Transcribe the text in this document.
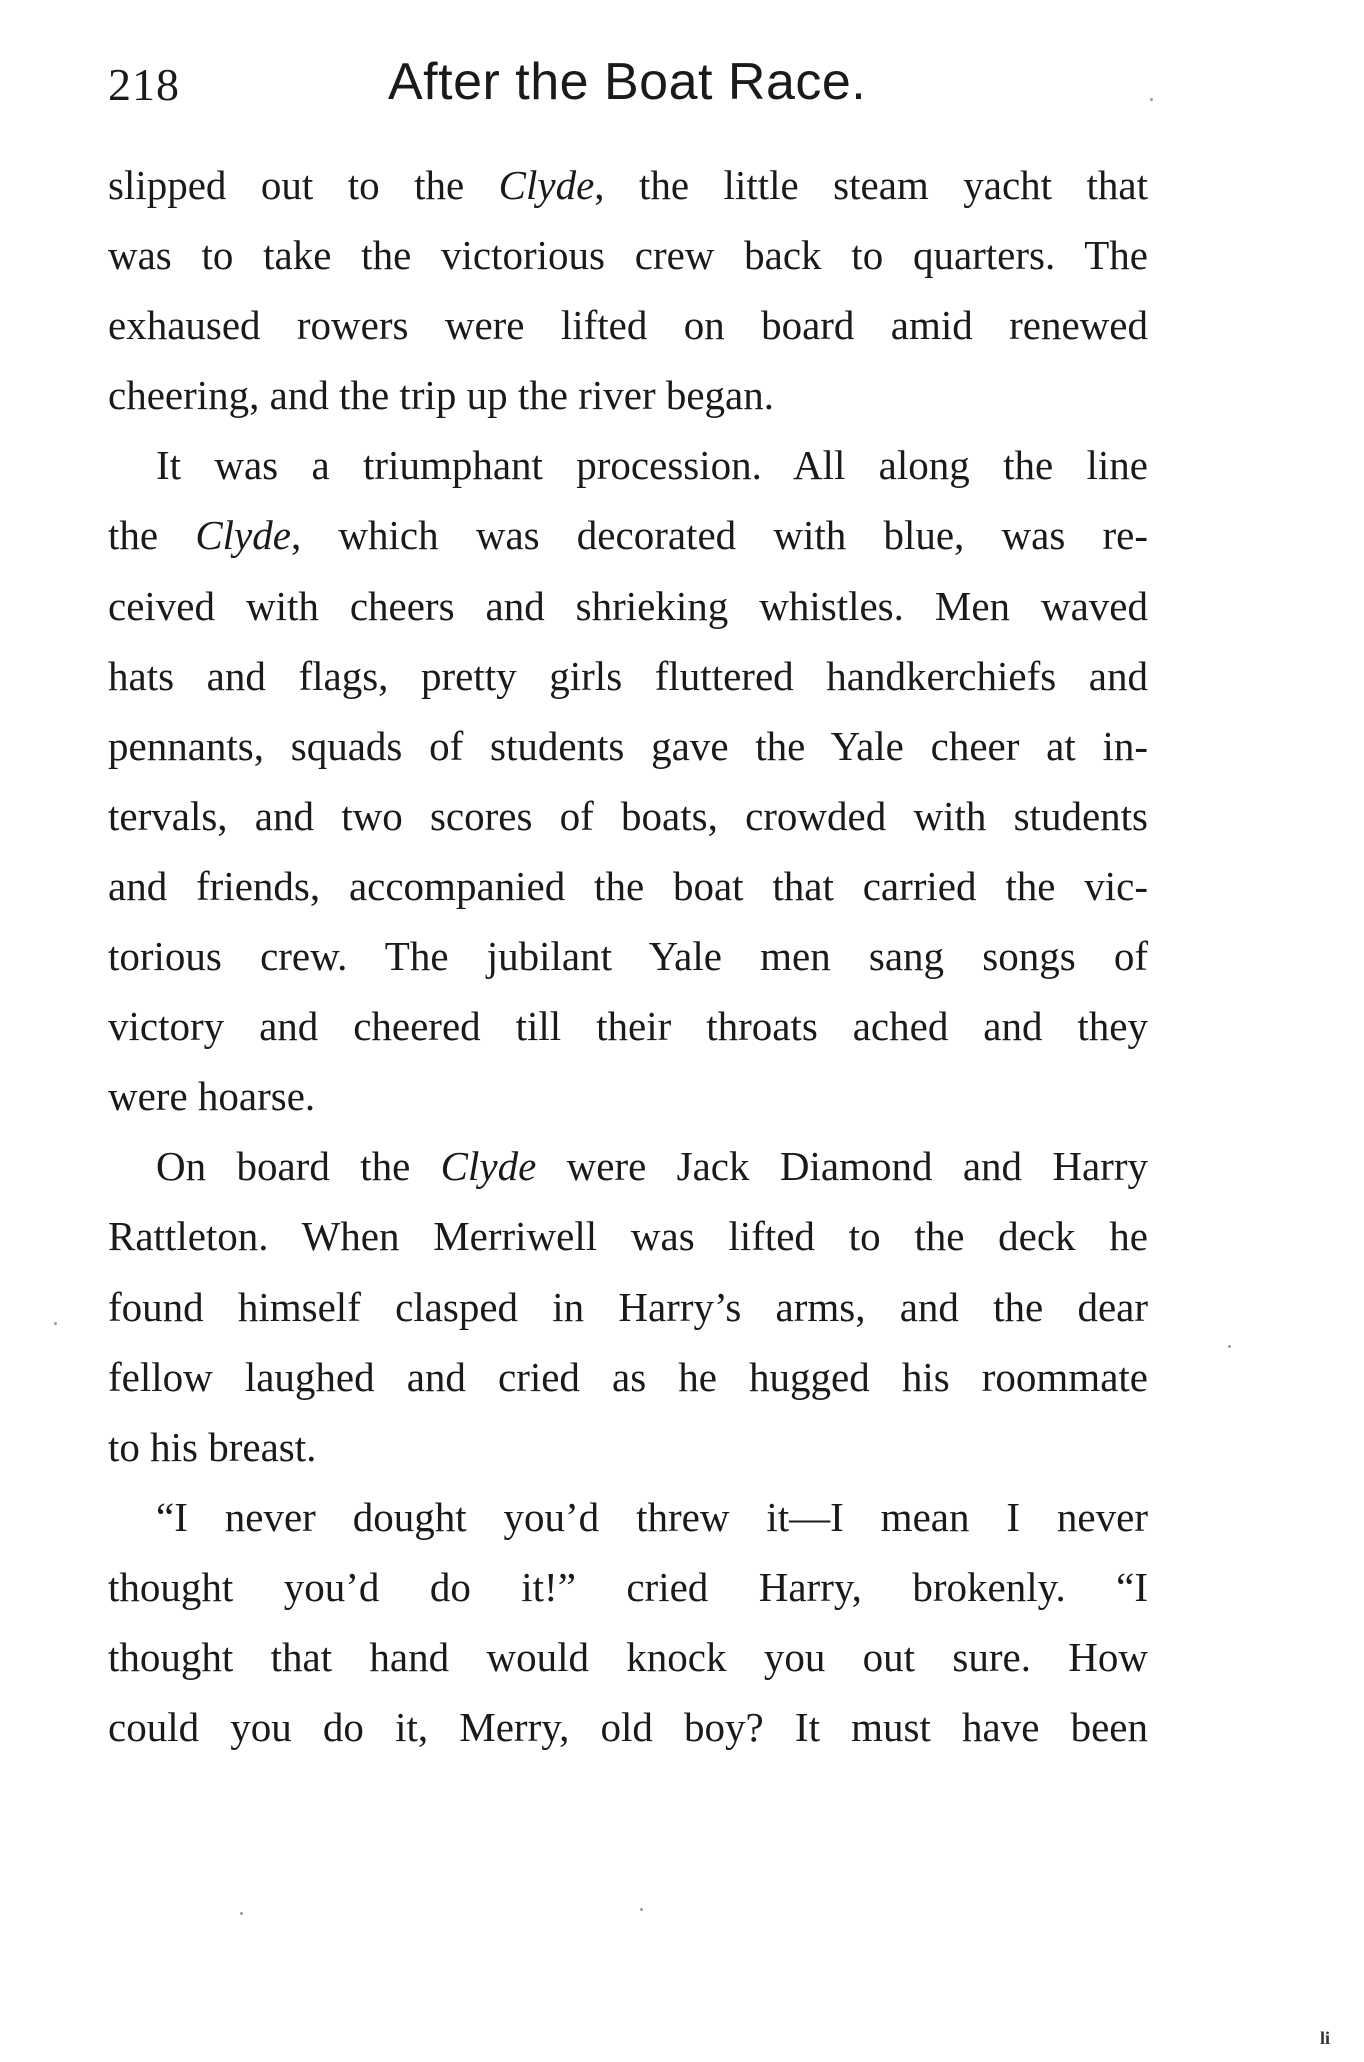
218	After the Boat Race.

slipped out to the Clyde, the little steam yacht that

was to take the victorious crew back to quarters. The

exhaused rowers were lifted on board amid renewed

cheering, and the trip up the river began.

It was a triumphant procession. All along the line

the Clyde, which was decorated with blue, was re-

ceived with cheers and shrieking whistles. Men waved

hats and flags, pretty girls fluttered handkerchiefs and

pennants, squads of students gave the Yale cheer at in-

tervals, and two scores of boats, crowded with students

and friends, accompanied the boat that carried the vic-

torious crew. The jubilant Yale men sang songs of

victory and cheered till their throats ached and they

were hoarse.

On board the Clyde were Jack Diamond and Harry

Rattleton. When Merriwell was lifted to the deck he

found himself clasped in Harry’s arms, and the dear

fellow laughed and cried as he hugged his roommate

to his breast.

“I never dought you’d threw it—I mean I never

thought you’d do it!” cried Harry, brokenly. “I

thought that hand would knock you out sure. How

could you do it, Merry, old boy? It must have been

li
